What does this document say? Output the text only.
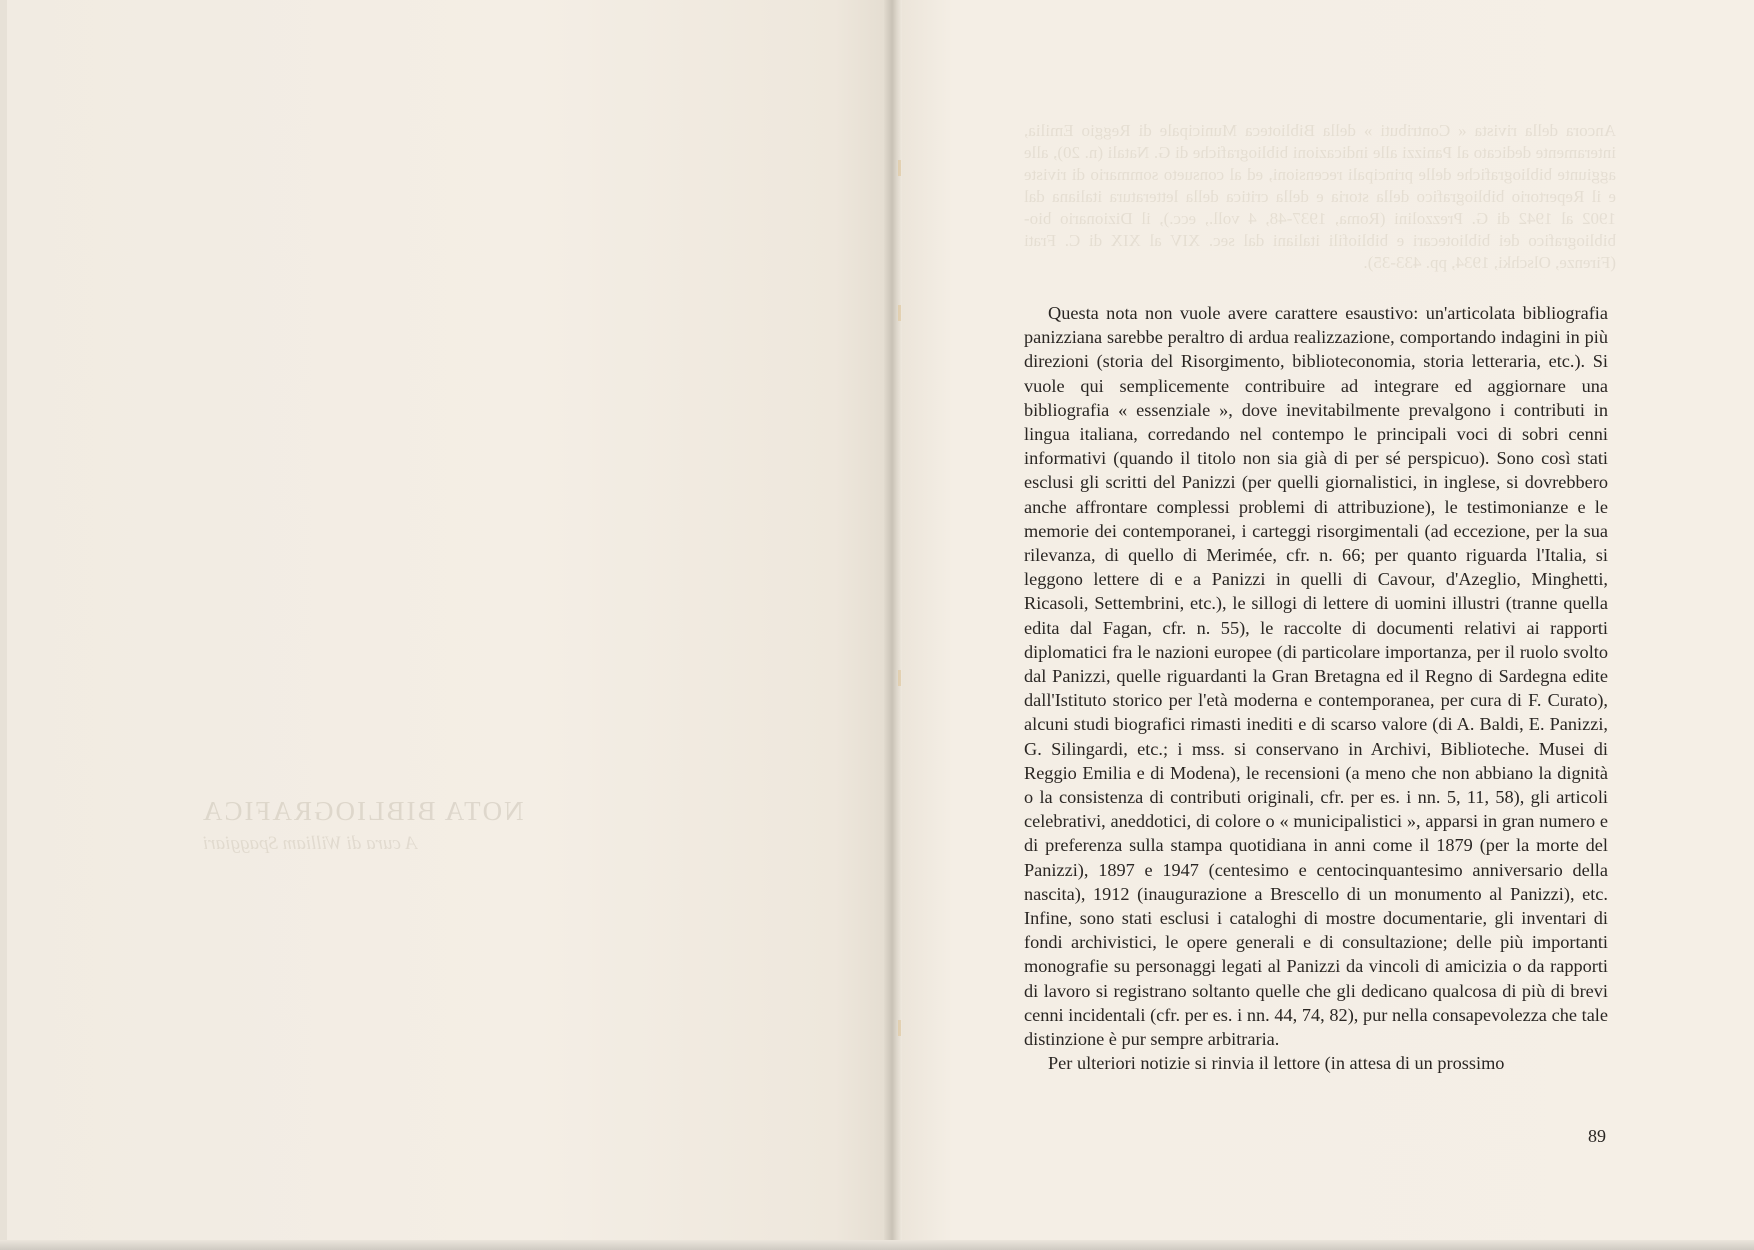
NOTA BIBLIOGRAFICA
A cura di William Spaggiari
Ancora della rivista « Contributi » della Biblioteca Municipale di Reggio Emilia, interamente dedicato al Panizzi alle indicazioni bibliografiche di G. Natali (n. 20), alle aggiunte bibliografiche delle principali recensioni, ed al consueto sommario di riviste e il Repertorio bibliografico della storia e della critica della letteratura italiana dal 1902 al 1942 di G. Prezzolini (Roma, 1937-48, 4 voll., ecc.), il Dizionario bio-bibliografico dei bibliotecari e bibliofili italiani dal sec. XIV al XIX di C. Frati (Firenze, Olschki, 1934, pp. 433-35).

Questa nota non vuole avere carattere esaustivo: un'articolata bibliografia panizziana sarebbe peraltro di ardua realizzazione, comportando indagini in più direzioni (storia del Risorgimento, biblioteconomia, storia letteraria, etc.). Si vuole qui semplicemente contribuire ad integrare ed aggiornare una bibliografia « essenziale », dove inevitabilmente prevalgono i contributi in lingua italiana, corredando nel contempo le principali voci di sobri cenni informativi (quando il titolo non sia già di per sé perspicuo). Sono così stati esclusi gli scritti del Panizzi (per quelli giornalistici, in inglese, si dovrebbero anche affrontare complessi problemi di attribuzione), le testimonianze e le memorie dei contemporanei, i carteggi risorgimentali (ad eccezione, per la sua rilevanza, di quello di Merimée, cfr. n. 66; per quanto riguarda l'Italia, si leggono lettere di e a Panizzi in quelli di Cavour, d'Azeglio, Minghetti, Ricasoli, Settembrini, etc.), le sillogi di lettere di uomini illustri (tranne quella edita dal Fagan, cfr. n. 55), le raccolte di documenti relativi ai rapporti diplomatici fra le nazioni europee (di particolare importanza, per il ruolo svolto dal Panizzi, quelle riguardanti la Gran Bretagna ed il Regno di Sardegna edite dall'Istituto storico per l'età moderna e contemporanea, per cura di F. Curato), alcuni studi biografici rimasti inediti e di scarso valore (di A. Baldi, E. Panizzi, G. Silingardi, etc.; i mss. si conservano in Archivi, Biblioteche. Musei di Reggio Emilia e di Modena), le recensioni (a meno che non abbiano la dignità o la consistenza di contributi originali, cfr. per es. i nn. 5, 11, 58), gli articoli celebrativi, aneddotici, di colore o « municipalistici », apparsi in gran numero e di preferenza sulla stampa quotidiana in anni come il 1879 (per la morte del Panizzi), 1897 e 1947 (centesimo e centocinquantesimo anniversario della nascita), 1912 (inaugurazione a Brescello di un monumento al Panizzi), etc. Infine, sono stati esclusi i cataloghi di mostre documentarie, gli inventari di fondi archivistici, le opere generali e di consultazione; delle più importanti monografie su personaggi legati al Panizzi da vincoli di amicizia o da rapporti di lavoro si registrano soltanto quelle che gli dedicano qualcosa di più di brevi cenni incidentali (cfr. per es. i nn. 44, 74, 82), pur nella consapevolezza che tale distinzione è pur sempre arbitraria.

Per ulteriori notizie si rinvia il lettore (in attesa di un prossimo

89
